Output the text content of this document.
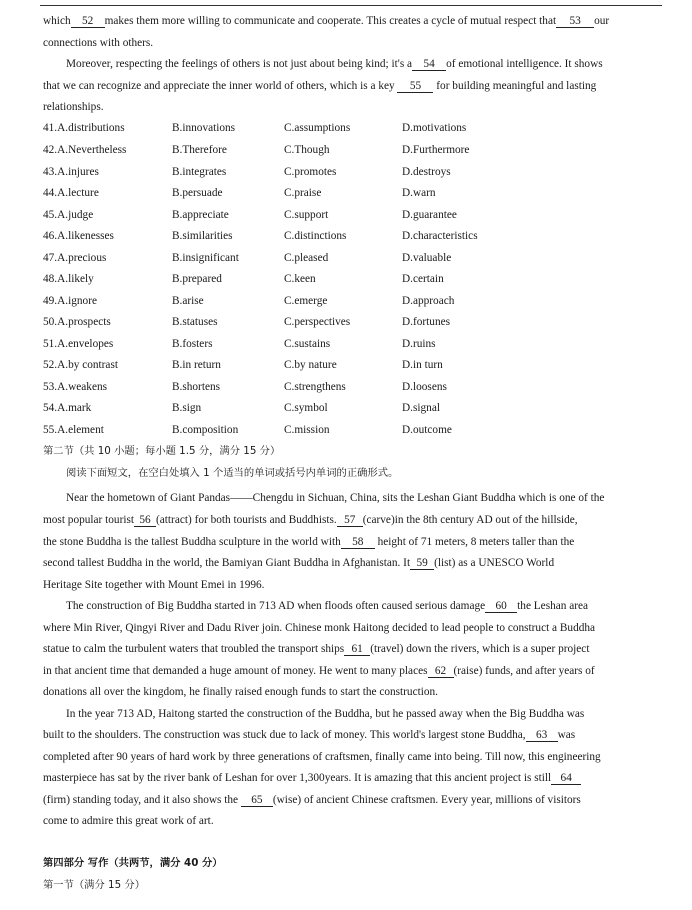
which 52 makes them more willing to communicate and cooperate. This creates a cycle of mutual respect that 53 our
connections with others.
Moreover, respecting the feelings of others is not just about being kind; it's a 54 of emotional intelligence. It shows
that we can recognize and appreciate the inner world of others, which is a key 55 for building meaningful and lasting
relationships.
41.A.distributions	B.innovations	C.assumptions	D.motivations
42.A.Nevertheless	B.Therefore	C.Though	D.Furthermore
43.A.injures	B.integrates	C.promotes	D.destroys
44.A.lecture	B.persuade	C.praise	D.warn
45.A.judge	B.appreciate	C.support	D.guarantee
46.A.likenesses	B.similarities	C.distinctions	D.characteristics
47.A.precious	B.insignificant	C.pleased	D.valuable
48.A.likely	B.prepared	C.keen	D.certain
49.A.ignore	B.arise	C.emerge	D.approach
50.A.prospects	B.statuses	C.perspectives	D.fortunes
51.A.envelopes	B.fosters	C.sustains	D.ruins
52.A.by contrast	B.in return	C.by nature	D.in turn
53.A.weakens	B.shortens	C.strengthens	D.loosens
54.A.mark	B.sign	C.symbol	D.signal
55.A.element	B.composition	C.mission	D.outcome
第二节（共 10 小题；每小题 1.5 分，满分 15 分）
阅读下面短文，在空白处填入 1 个适当的单词或括号内单词的正确形式。
Near the hometown of Giant Pandas——Chengdu in Sichuan, China, sits the Leshan Giant Buddha which is one of the
most popular tourist 56 (attract) for both tourists and Buddhists. 57 (carve)in the 8th century AD out of the hillside,
the stone Buddha is the tallest Buddha sculpture in the world with 58 height of 71 meters, 8 meters taller than the
second tallest Buddha in the world, the Bamiyan Giant Buddha in Afghanistan. It 59 (list) as a UNESCO World
Heritage Site together with Mount Emei in 1996.
The construction of Big Buddha started in 713 AD when floods often caused serious damage 60 the Leshan area
where Min River, Qingyi River and Dadu River join. Chinese monk Haitong decided to lead people to construct a Buddha
statue to calm the turbulent waters that troubled the transport ships 61 (travel) down the rivers, which is a super project
in that ancient time that demanded a huge amount of money. He went to many places 62 (raise) funds, and after years of
donations all over the kingdom, he finally raised enough funds to start the construction.
In the year 713 AD, Haitong started the construction of the Buddha, but he passed away when the Big Buddha was
built to the shoulders. The construction was stuck due to lack of money. This world's largest stone Buddha, 63 was
completed after 90 years of hard work by three generations of craftsmen, finally came into being. Till now, this engineering
masterpiece has sat by the river bank of Leshan for over 1,300years. It is amazing that this ancient project is still 64
(firm) standing today, and it also shows the 65 (wise) of ancient Chinese craftsmen. Every year, millions of visitors
come to admire this great work of art.
第四部分 写作（共两节，满分 40 分）
第一节（满分 15 分）
